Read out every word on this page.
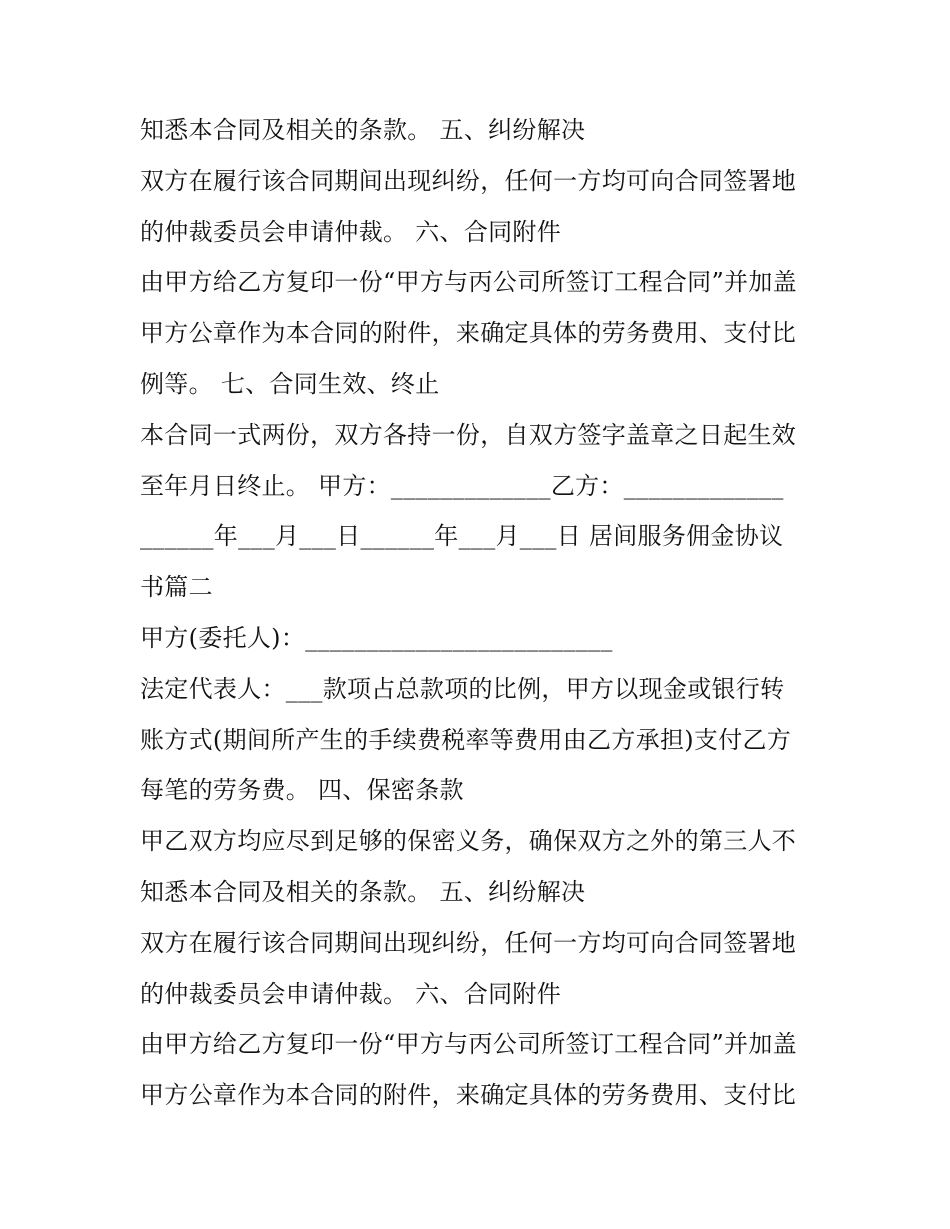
知悉本合同及相关的条款。 五、纠纷解决
双方在履行该合同期间出现纠纷，任何一方均可向合同签署地
的仲裁委员会申请仲裁。 六、合同附件
由甲方给乙方复印一份“甲方与丙公司所签订工程合同”并加盖
甲方公章作为本合同的附件，来确定具体的劳务费用、支付比
例等。 七、合同生效、终止
本合同一式两份，双方各持一份，自双方签字盖章之日起生效
至年月日终止。 甲方：_____________乙方：_____________
______年___月___日______年___月___日 居间服务佣金协议
书篇二
甲方(委托人)：_________________________
法定代表人：___款项占总款项的比例，甲方以现金或银行转
账方式(期间所产生的手续费税率等费用由乙方承担)支付乙方
每笔的劳务费。 四、保密条款
甲乙双方均应尽到足够的保密义务，确保双方之外的第三人不
知悉本合同及相关的条款。 五、纠纷解决
双方在履行该合同期间出现纠纷，任何一方均可向合同签署地
的仲裁委员会申请仲裁。 六、合同附件
由甲方给乙方复印一份“甲方与丙公司所签订工程合同”并加盖
甲方公章作为本合同的附件，来确定具体的劳务费用、支付比
